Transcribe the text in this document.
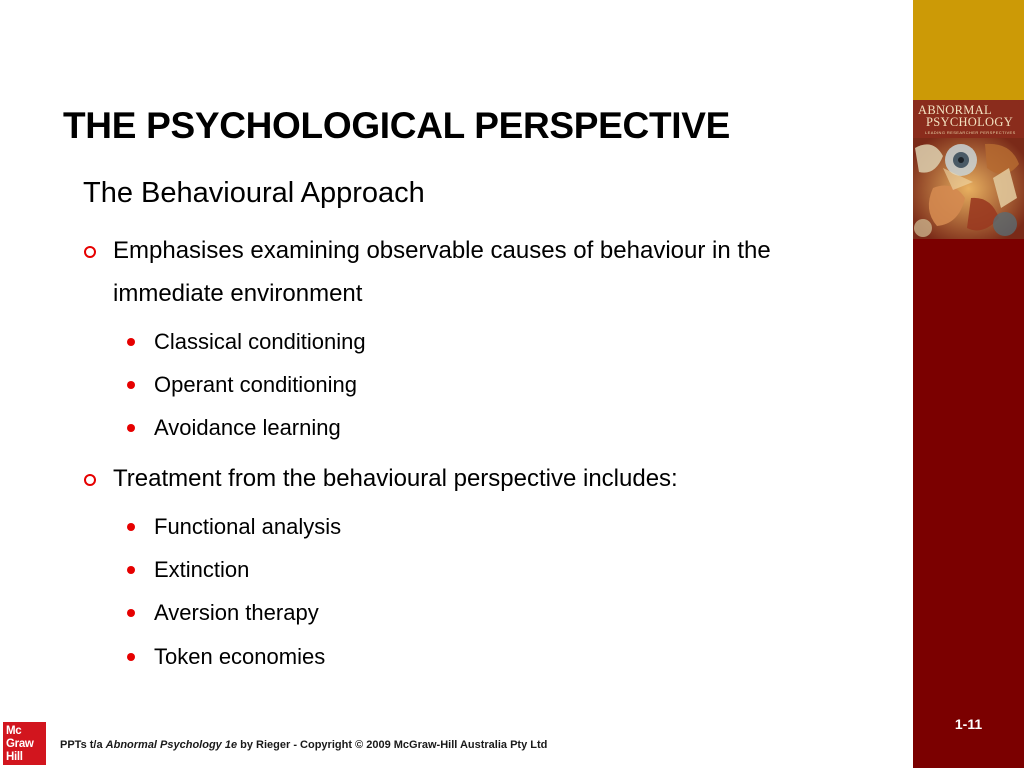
ABNORMAL
PSYCHOLOGY
LEADING RESEARCHER PERSPECTIVES
1-11
THE PSYCHOLOGICAL PERSPECTIVE
The Behavioural Approach
Emphasises examining observable causes of behaviour in the immediate environment
Classical conditioning
Operant conditioning
Avoidance learning
Treatment from the behavioural perspective includes:
Functional analysis
Extinction
Aversion therapy
Token economies
Mc
Graw
Hill
PPTs t/a Abnormal Psychology 1e by Rieger - Copyright © 2009 McGraw-Hill Australia Pty Ltd
